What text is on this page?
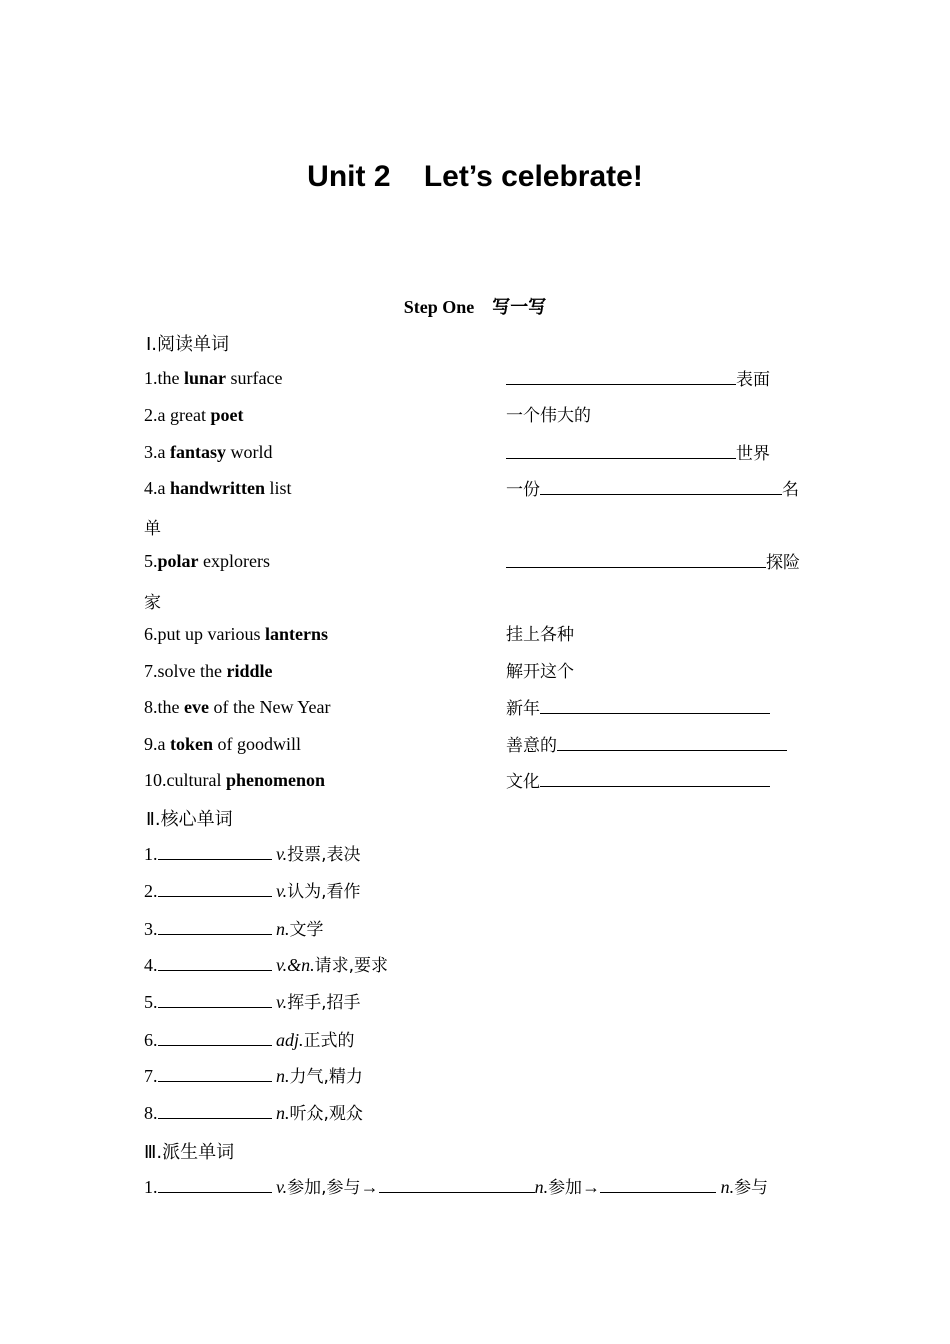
Unit 2    Let’s celebrate!
Step One    写一写
Ⅰ.阅读单词
1.the lunar surface	表面
2.a great poet	一个伟大的
3.a fantasy world	世界
4.a handwritten list	一份	名
单
5.polar explorers	探险
家
6.put up various lanterns	挂上各种
7.solve the riddle	解开这个
8.the eve of the New Year	新年
9.a token of goodwill	善意的
10.cultural phenomenon	文化
Ⅱ.核心单词
1.	v.投票,表决
2.	v.认为,看作
3.	n.文学
4.	v.&n.请求,要求
5.	v.挥手,招手
6.	adj.正式的
7.	n.力气,精力
8.	n.听众,观众
Ⅲ.派生单词
1.	v.参加,参与→	n.参加→	n.参与
